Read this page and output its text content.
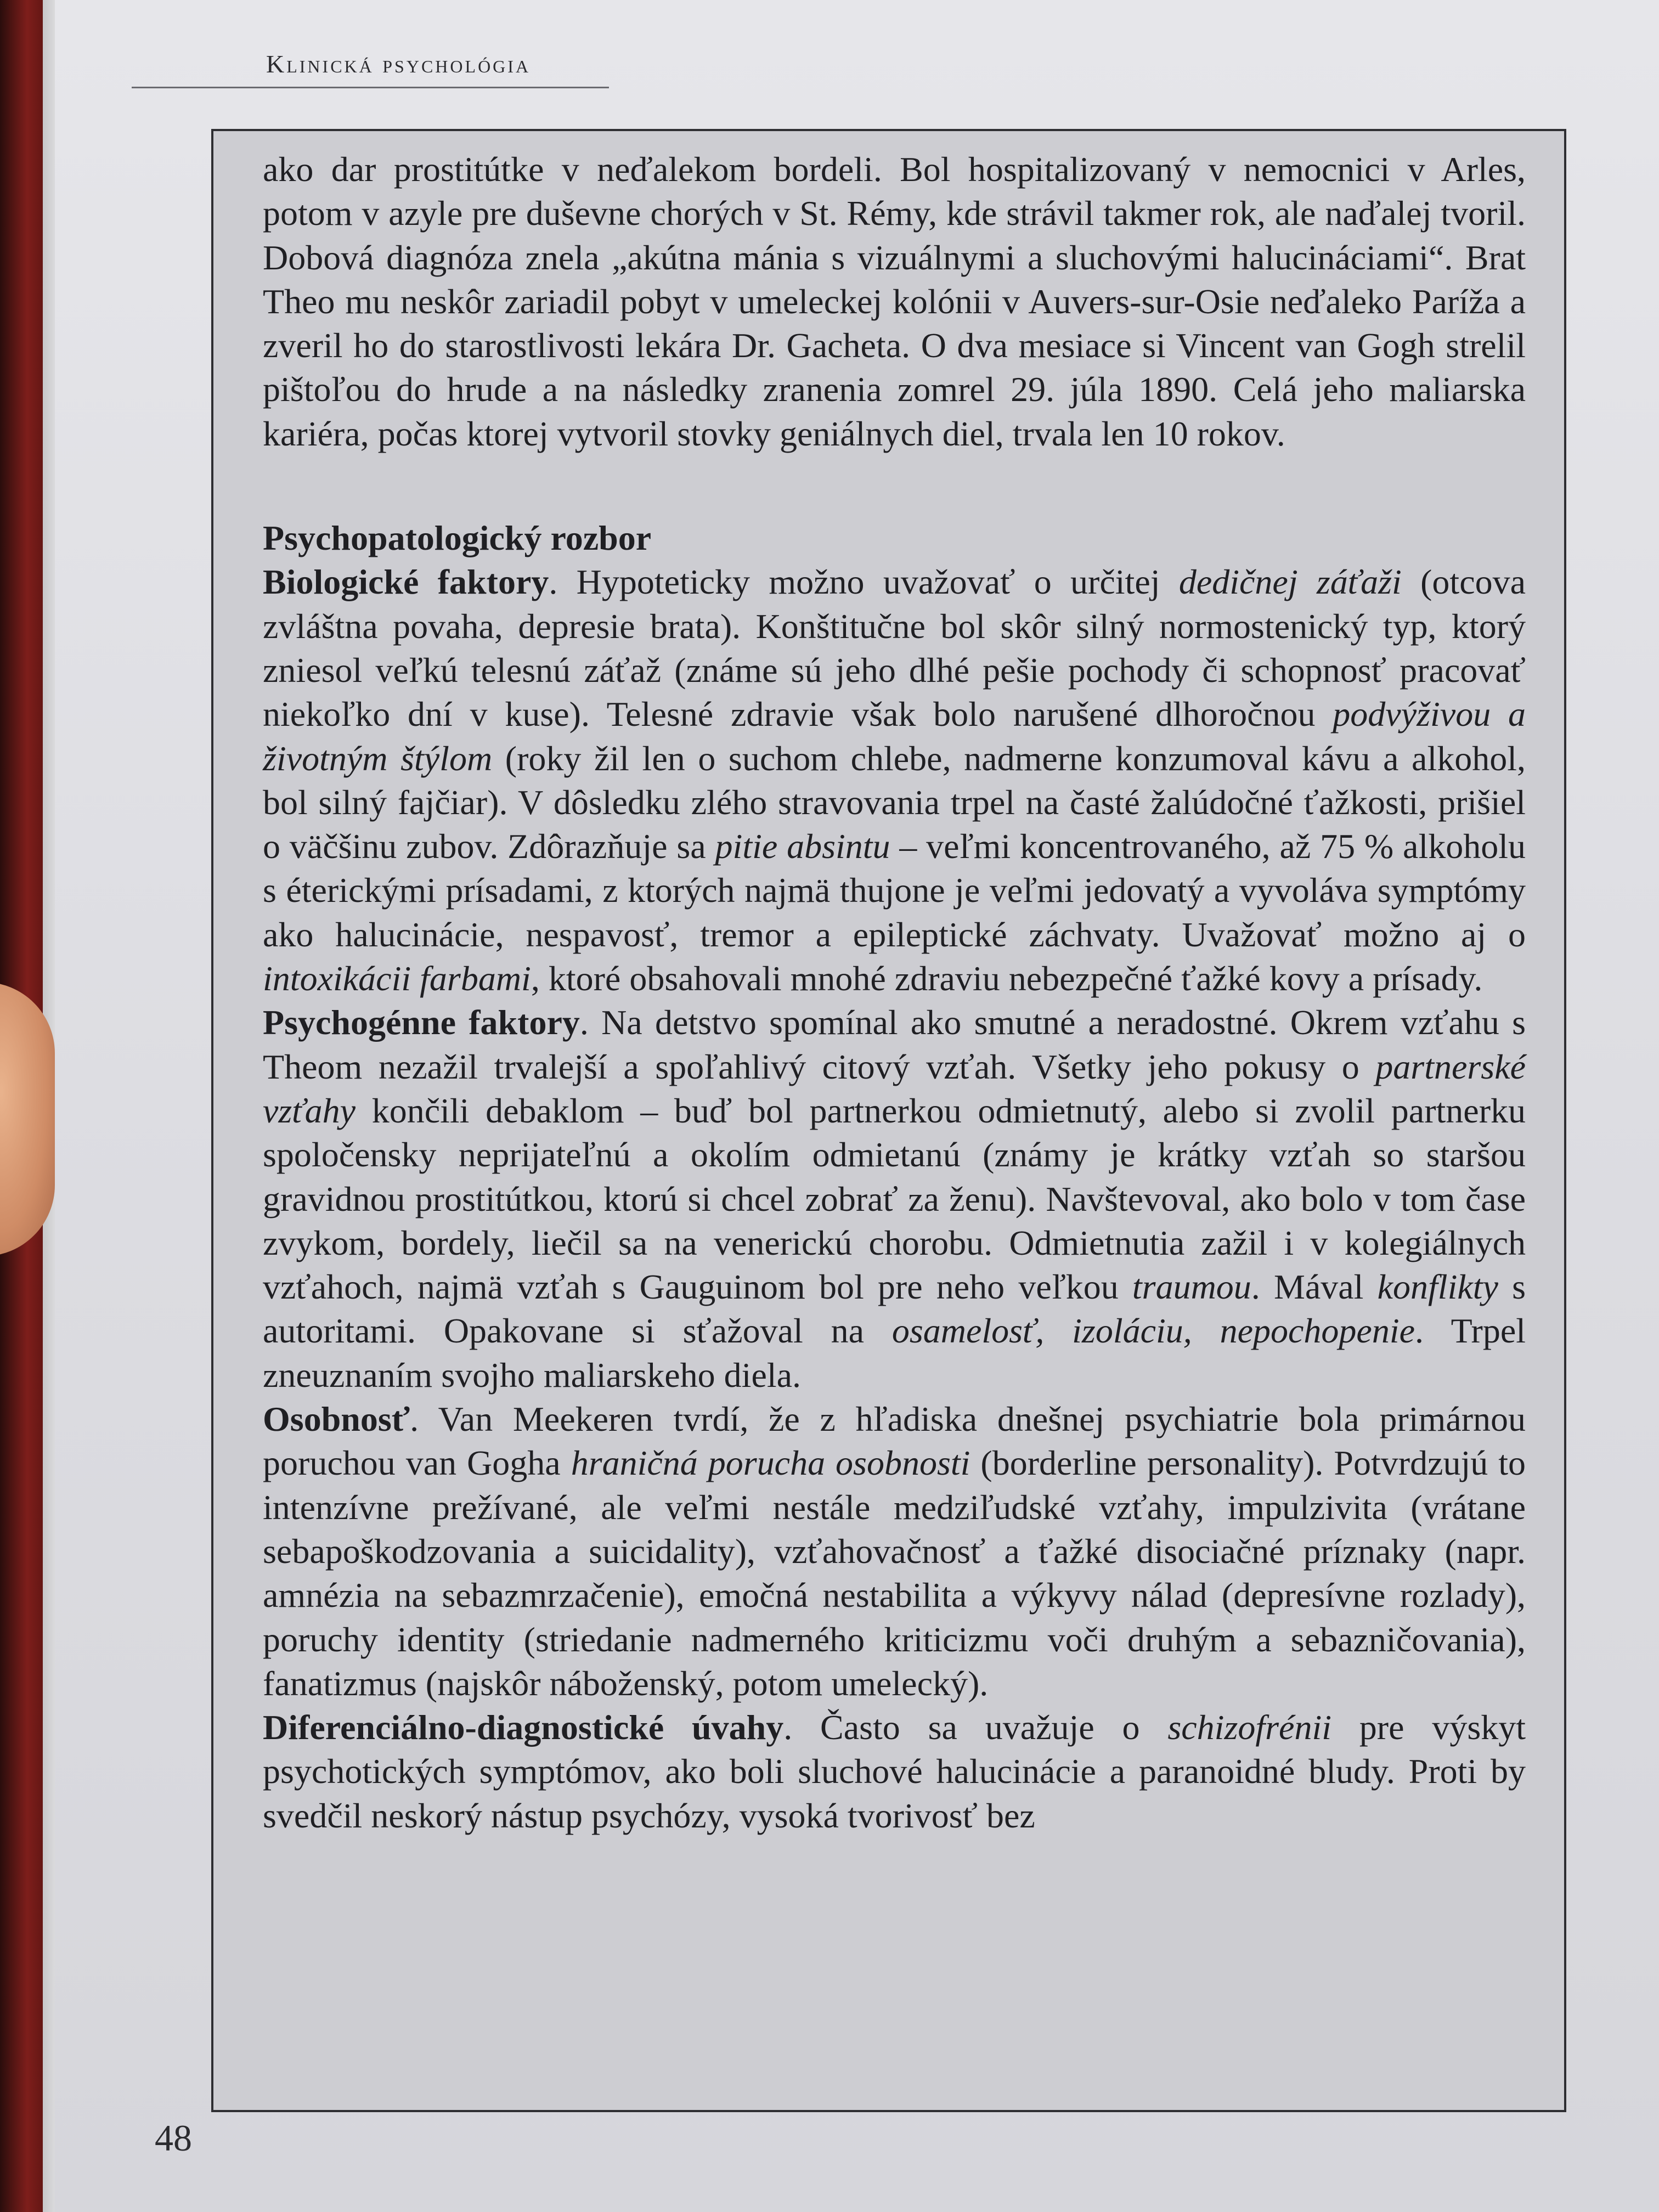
Klinická psychológia

ako dar prostitútke v neďalekom bordeli. Bol hospitalizovaný v nemocnici v Arles, potom v azyle pre duševne chorých v St. Rémy, kde strávil takmer rok, ale naďalej tvoril. Dobová diagnóza znela „akútna mánia s vizuálnymi a sluchovými halucináciami“. Brat Theo mu neskôr zariadil pobyt v umeleckej kolónii v Auvers-sur-Osie neďaleko Paríža a zveril ho do starostlivosti lekára Dr. Gacheta. O dva mesiace si Vincent van Gogh strelil pištoľou do hrude a na následky zranenia zomrel 29. júla 1890. Celá jeho maliarska kariéra, počas ktorej vytvoril stovky geniálnych diel, trvala len 10 rokov.

Psychopatologický rozbor

Biologické faktory. Hypoteticky možno uvažovať o určitej dedičnej záťaži (otcova zvláštna povaha, depresie brata). Konštitučne bol skôr silný normostenický typ, ktorý zniesol veľkú telesnú záťaž (známe sú jeho dlhé pešie pochody či schopnosť pracovať niekoľko dní v kuse). Telesné zdravie však bolo narušené dlhoročnou podvýživou a životným štýlom (roky žil len o suchom chlebe, nadmerne konzumoval kávu a alkohol, bol silný fajčiar). V dôsledku zlého stravovania trpel na časté žalúdočné ťažkosti, prišiel o väčšinu zubov. Zdôrazňuje sa pitie absintu – veľmi koncentrovaného, až 75 % alkoholu s éterickými prísadami, z ktorých najmä thujone je veľmi jedovatý a vyvoláva symptómy ako halucinácie, nespavosť, tremor a epileptické záchvaty. Uvažovať možno aj o intoxikácii farbami, ktoré obsahovali mnohé zdraviu nebezpečné ťažké kovy a prísady.

Psychogénne faktory. Na detstvo spomínal ako smutné a neradostné. Okrem vzťahu s Theom nezažil trvalejší a spoľahlivý citový vzťah. Všetky jeho pokusy o partnerské vzťahy končili debaklom – buď bol partnerkou odmietnutý, alebo si zvolil partnerku spoločensky neprijateľnú a okolím odmietanú (známy je krátky vzťah so staršou gravidnou prostitútkou, ktorú si chcel zobrať za ženu). Navštevoval, ako bolo v tom čase zvykom, bordely, liečil sa na venerickú chorobu. Odmietnutia zažil i v kolegiálnych vzťahoch, najmä vzťah s Gauguinom bol pre neho veľkou traumou. Mával konflikty s autoritami. Opakovane si sťažoval na osamelosť, izoláciu, nepochopenie. Trpel zneuznaním svojho maliarskeho diela.

Osobnosť. Van Meekeren tvrdí, že z hľadiska dnešnej psychiatrie bola primárnou poruchou van Gogha hraničná porucha osobnosti (borderline personality). Potvrdzujú to intenzívne prežívané, ale veľmi nestále medziľudské vzťahy, impulzivita (vrátane sebapoškodzovania a suicidality), vzťahovačnosť a ťažké disociačné príznaky (napr. amnézia na sebazmrzačenie), emočná nestabilita a výkyvy nálad (depresívne rozlady), poruchy identity (striedanie nadmerného kriticizmu voči druhým a sebazničovania), fanatizmus (najskôr náboženský, potom umelecký).

Diferenciálno-diagnostické úvahy. Často sa uvažuje o schizofrénii pre výskyt psychotických symptómov, ako boli sluchové halucinácie a paranoidné bludy. Proti by svedčil neskorý nástup psychózy, vysoká tvorivosť bez

48
